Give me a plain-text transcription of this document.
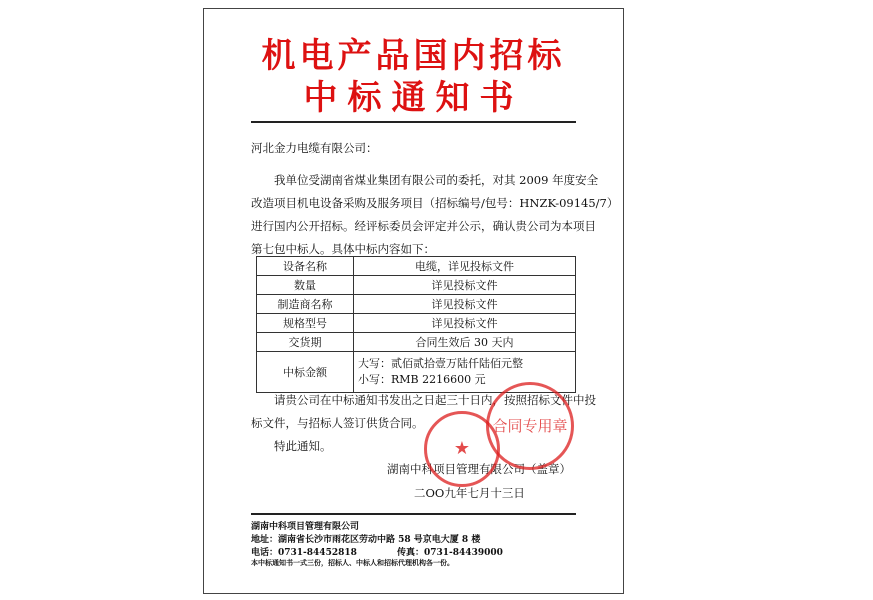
机电产品国内招标
中标通知书
河北金力电缆有限公司：
我单位受湖南省煤业集团有限公司的委托，对其 2009 年度安全
改造项目机电设备采购及服务项目（招标编号/包号：HNZK-09145/7）
进行国内公开招标。经评标委员会评定并公示，确认贵公司为本项目
第七包中标人。具体中标内容如下：
设备名称	电缆，详见投标文件
数量	详见投标文件
制造商名称	详见投标文件
规格型号	详见投标文件
交货期	合同生效后 30 天内
中标金额	大写：贰佰贰拾壹万陆仟陆佰元整
小写：RMB 2216600 元
请贵公司在中标通知书发出之日起三十日内，按照招标文件中投
标文件，与招标人签订供货合同。
特此通知。
湖南中科项目管理有限公司（盖章）
二OO九年七月十三日
合同专用章
★
湖南中科项目管理有限公司
地址：湖南省长沙市雨花区劳动中路 58 号京电大厦 8 楼
电话：0731-84452818	传真：0731-84439000
本中标通知书一式三份，招标人、中标人和招标代理机构各一份。
